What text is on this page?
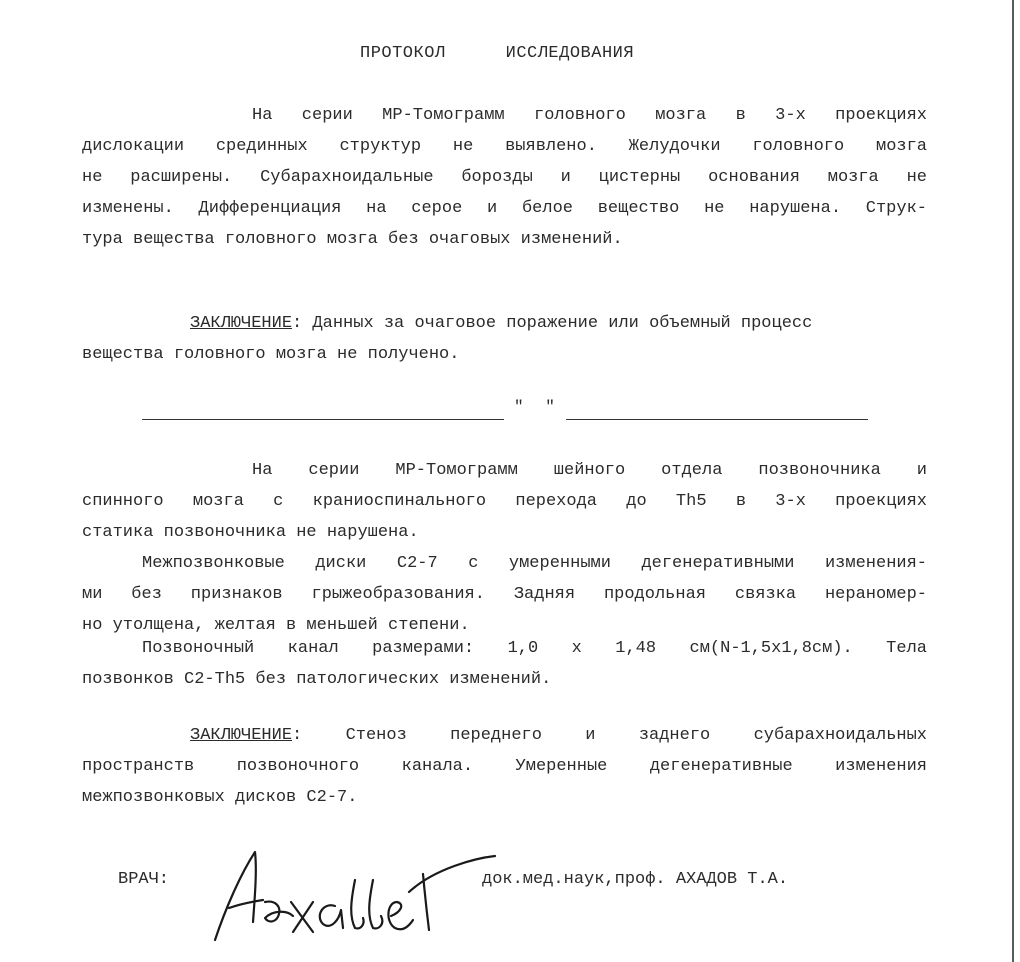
ПРОТОКОЛ	ИССЛЕДОВАНИЯ
На серии МР-Томограмм головного мозга в 3-х проекциях
дислокации срединных структур не выявлено. Желудочки головного мозга
не расширены. Субарахноидальные борозды и цистерны основания мозга не
изменены. Дифференциация на серое и белое вещество не нарушена. Струк-
тура вещества головного мозга без очаговых изменений.
ЗАКЛЮЧЕНИЕ: Данных за очаговое поражение или объемный процесс
вещества головного мозга не получено.
" "
На серии МР-Томограмм шейного отдела позвоночника и
спинного мозга с краниоспинального перехода до Th5 в 3-х проекциях
статика позвоночника не нарушена.
Межпозвонковые диски С2-7 с умеренными дегенеративными изменения-
ми без признаков грыжеобразования. Задняя продольная связка нераномер-
но утолщена, желтая в меньшей степени.
Позвоночный канал размерами: 1,0 х 1,48 см(N-1,5х1,8см). Тела
позвонков С2-Th5 без патологических изменений.
ЗАКЛЮЧЕНИЕ: Стеноз переднего и заднего субарахноидальных
пространств позвоночного канала. Умеренные дегенеративные изменения
межпозвонковых дисков С2-7.
ВРАЧ:	док.мед.наук,проф. АХАДОВ Т.А.
